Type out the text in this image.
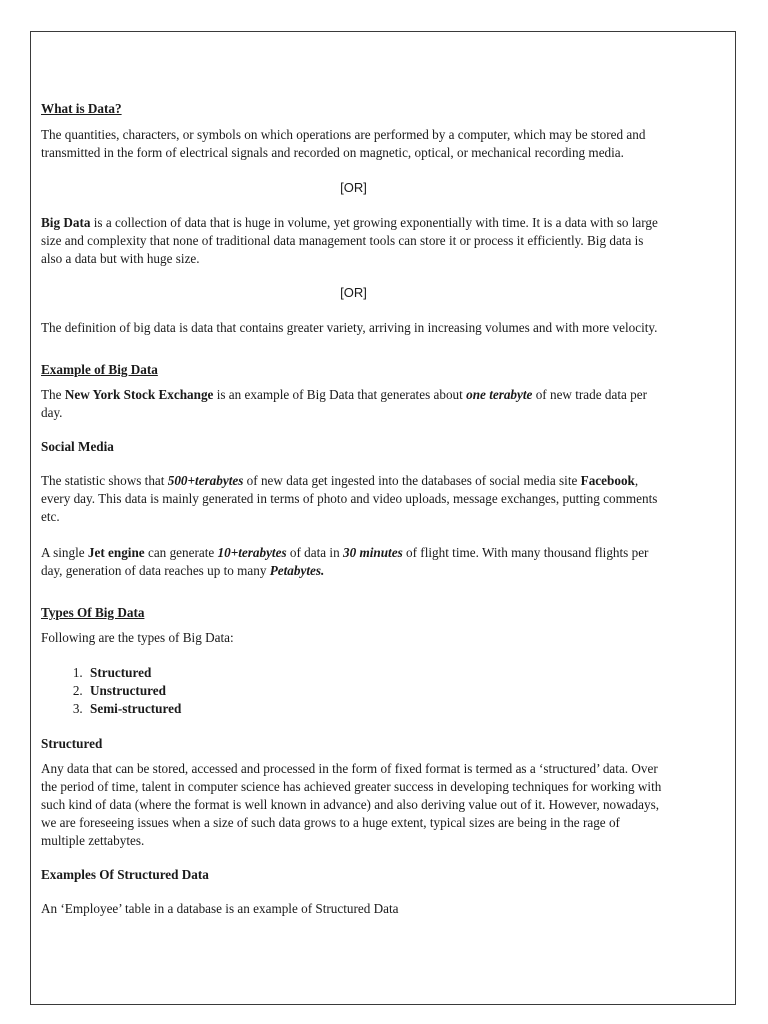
What is Data?

The quantities, characters, or symbols on which operations are performed by a computer, which may be stored and transmitted in the form of electrical signals and recorded on magnetic, optical, or mechanical recording media.

[OR]

Big Data is a collection of data that is huge in volume, yet growing exponentially with time. It is a data with so large size and complexity that none of traditional data management tools can store it or process it efficiently. Big data is also a data but with huge size.

[OR]

The definition of big data is data that contains greater variety, arriving in increasing volumes and with more velocity.

Example of Big Data

The New York Stock Exchange is an example of Big Data that generates about one terabyte of new trade data per day.

Social Media

The statistic shows that 500+terabytes of new data get ingested into the databases of social media site Facebook, every day. This data is mainly generated in terms of photo and video uploads, message exchanges, putting comments etc.

A single Jet engine can generate 10+terabytes of data in 30 minutes of flight time. With many thousand flights per day, generation of data reaches up to many Petabytes.

Types Of Big Data

Following are the types of Big Data:

1. Structured
2. Unstructured
3. Semi-structured

Structured

Any data that can be stored, accessed and processed in the form of fixed format is termed as a ‘structured’ data. Over the period of time, talent in computer science has achieved greater success in developing techniques for working with such kind of data (where the format is well known in advance) and also deriving value out of it. However, nowadays, we are foreseeing issues when a size of such data grows to a huge extent, typical sizes are being in the rage of multiple zettabytes.

Examples Of Structured Data

An ‘Employee’ table in a database is an example of Structured Data
